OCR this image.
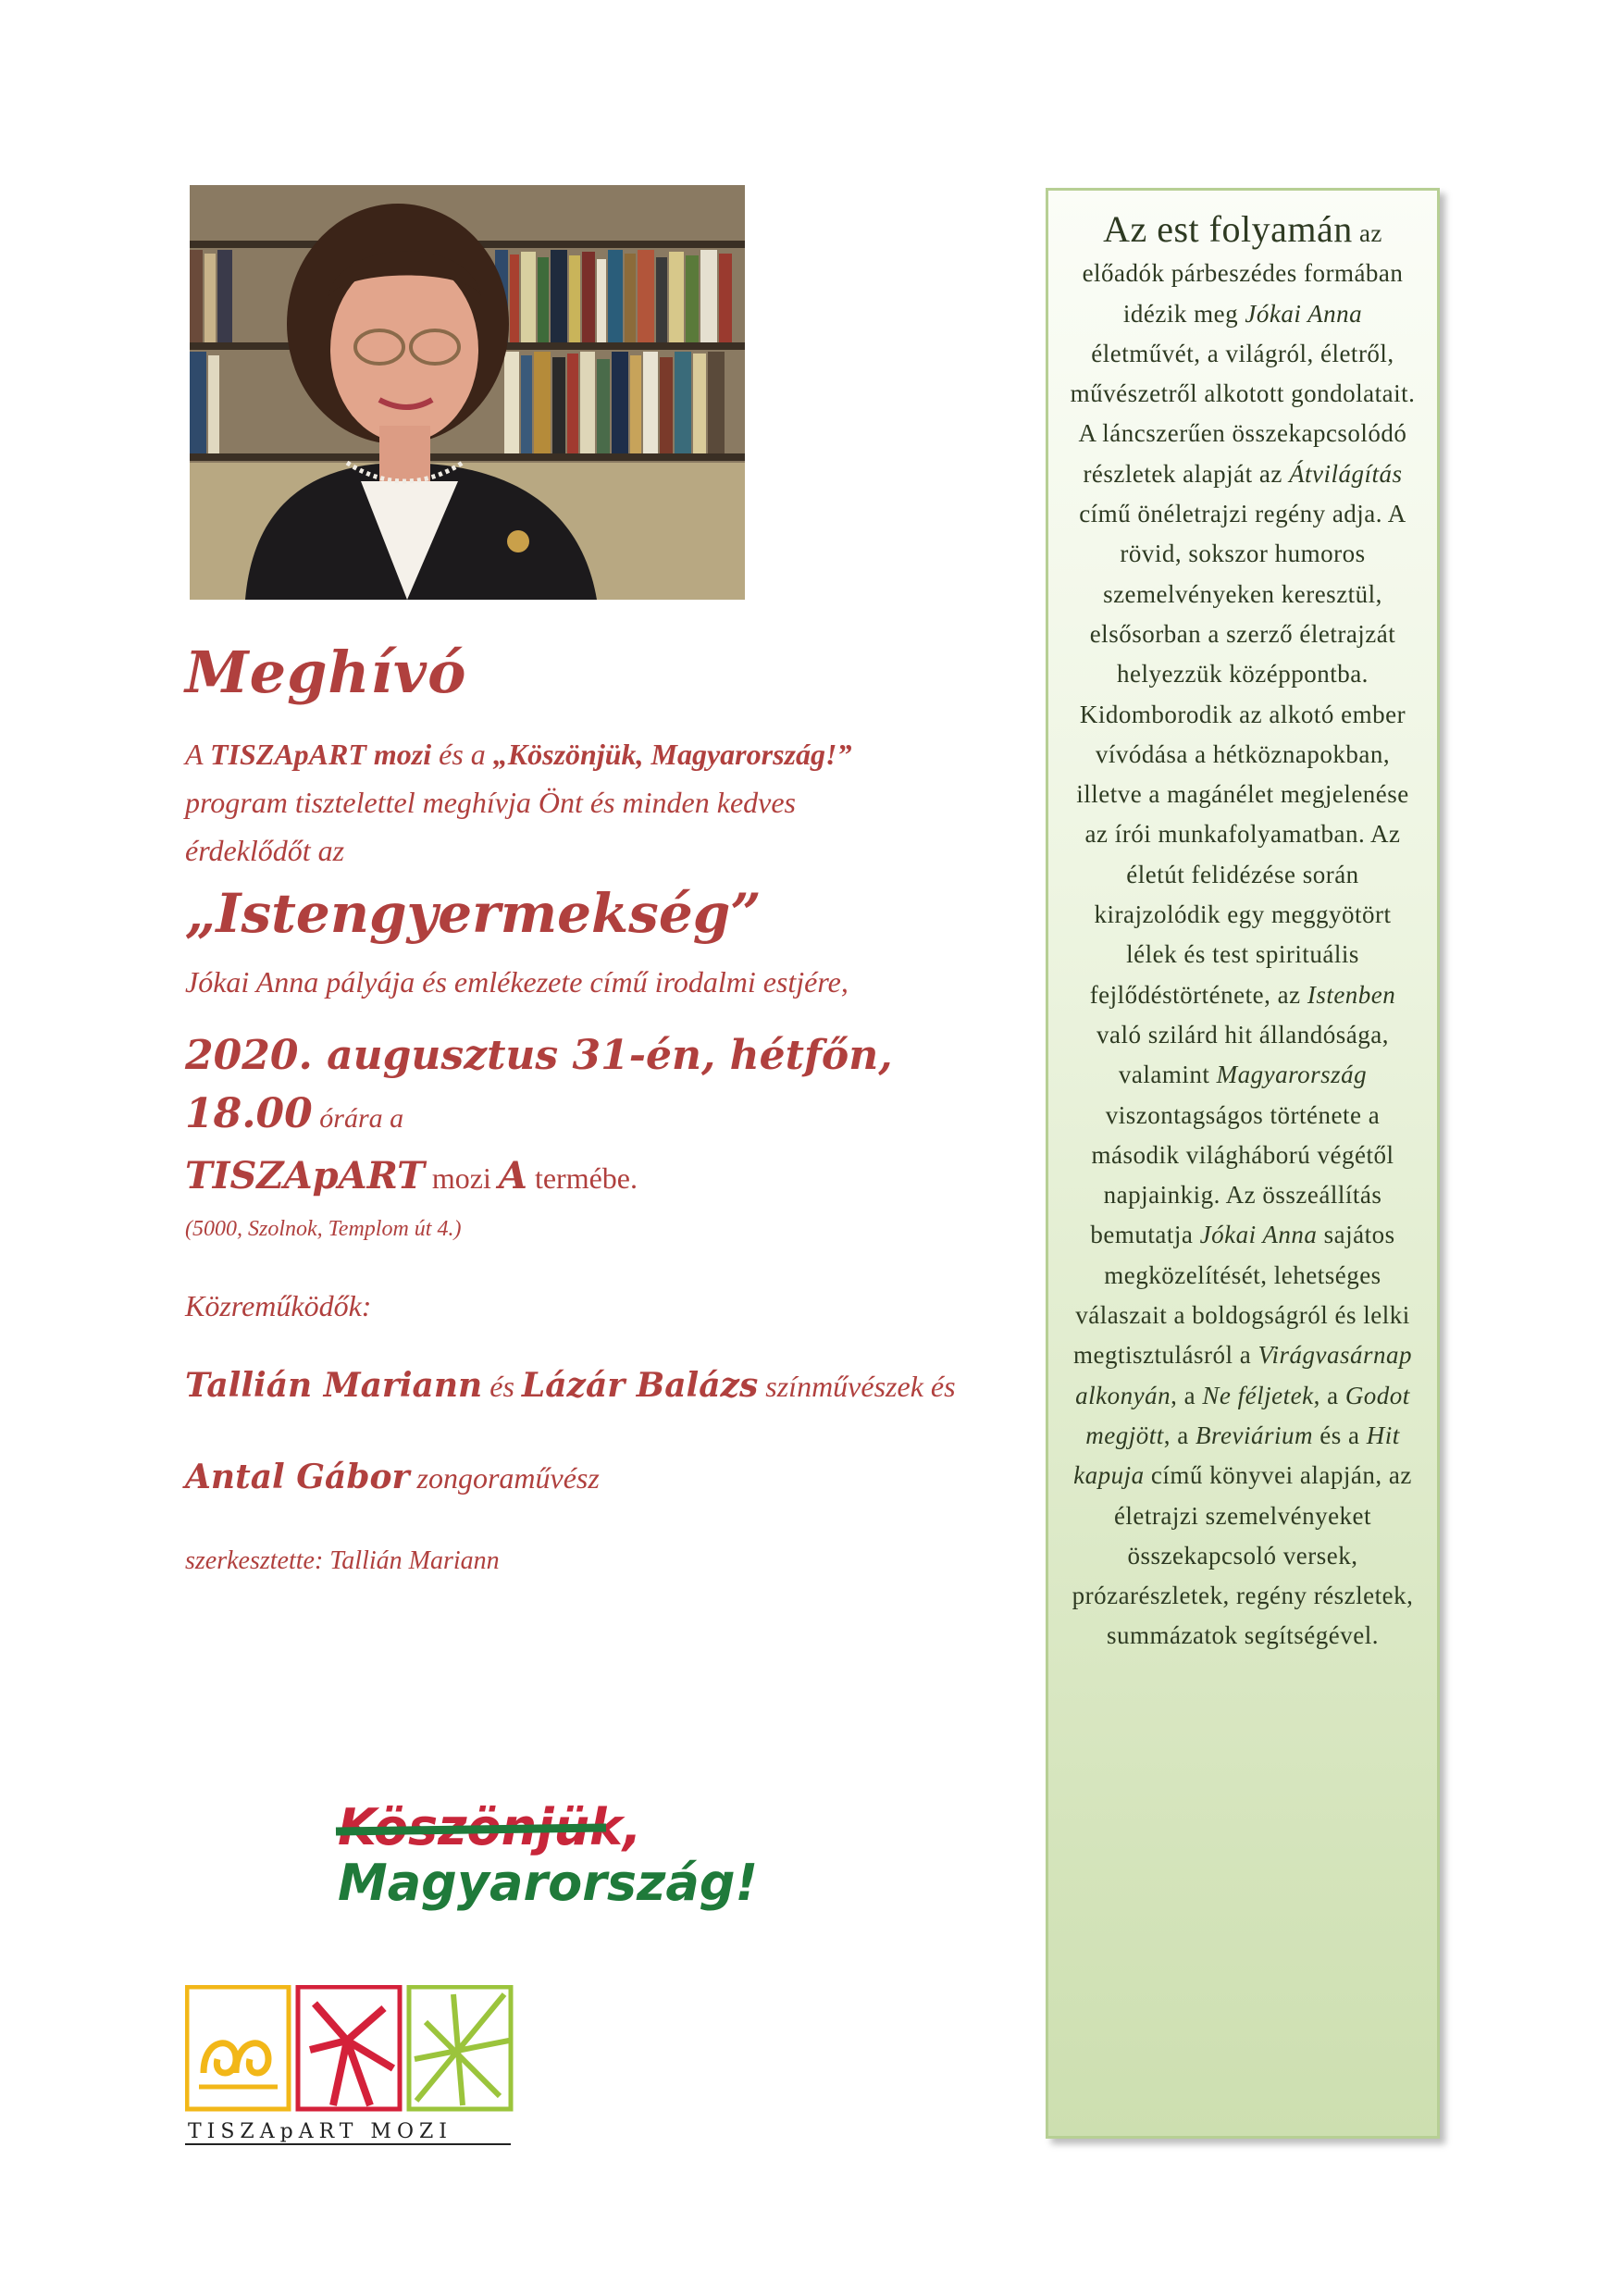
Meghívó

A TISZApART mozi és a „Köszönjük, Magyarország!”

program tisztelettel meghívja Önt és minden kedves

érdeklődőt az

„Istengyermekség”

Jókai Anna pályája és emlékezete című irodalmi estjére,

2020. augusztus 31-én, hétfőn, 18.00 órára a

TISZApART mozi A termébe.

(5000, Szolnok, Templom út 4.)

Közreműködők:

Tallián Mariann és Lázár Balázs színművészek és

Antal Gábor zongoraművész

szerkesztette: Tallián Mariann

Köszönjük,
Magyarország!
TISZApART MOZI
Az est folyamán az előadók párbeszédes formában idézik meg Jókai Anna életművét, a világról, életről, művészetről alkotott gondolatait. A láncszerűen összekapcsolódó részletek alapját az Átvilágítás című önéletrajzi regény adja. A rövid, sokszor humoros szemelvényeken keresztül, elsősorban a szerző életrajzát helyezzük középpontba. Kidomborodik az alkotó ember vívódása a hétköznapokban, illetve a magánélet megjelenése az írói munkafolyamatban. Az életút felidézése során kirajzolódik egy meggyötört lélek és test spirituális fejlődéstörténete, az Istenben való szilárd hit állandósága, valamint Magyarország viszontagságos története a második világháború végétől napjainkig. Az összeállítás bemutatja Jókai Anna sajátos megközelítését, lehetséges válaszait a boldogságról és lelki megtisztulásról a Virágvasárnap alkonyán, a Ne féljetek, a Godot megjött, a Breviárium és a Hit kapuja című könyvei alapján, az életrajzi szemelvényeket összekapcsoló versek, prózarészletek, regény részletek, summázatok segítségével.
